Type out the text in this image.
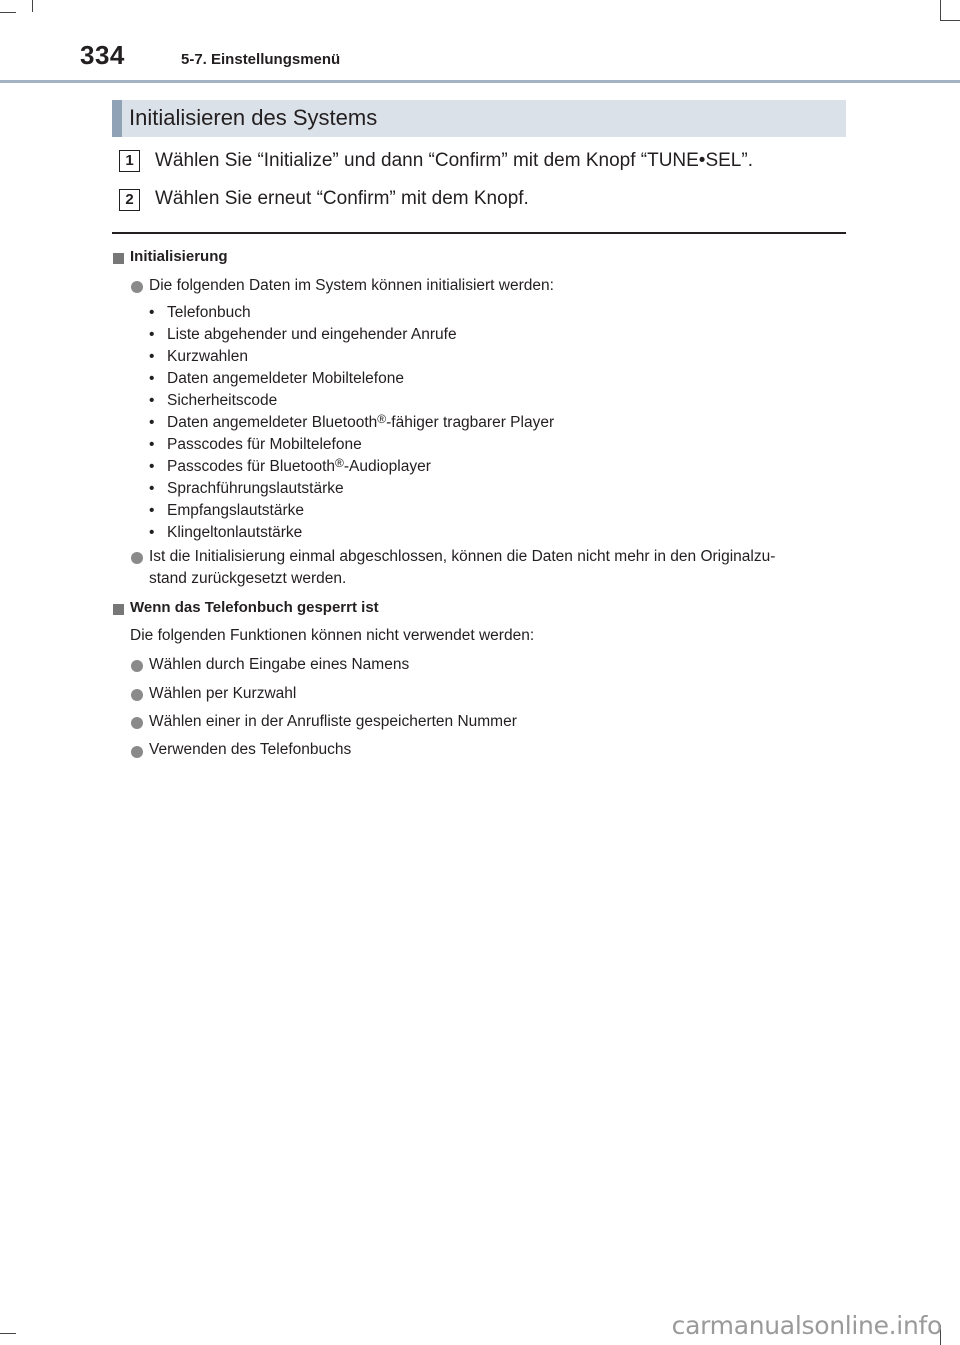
334	5-7. Einstellungsmenü
Initialisieren des Systems
1	Wählen Sie “Initialize” und dann “Confirm” mit dem Knopf “TUNE•SEL”.
2	Wählen Sie erneut “Confirm” mit dem Knopf.
Initialisierung
Die folgenden Daten im System können initialisiert werden:
• Telefonbuch
• Liste abgehender und eingehender Anrufe
• Kurzwahlen
• Daten angemeldeter Mobiltelefone
• Sicherheitscode
• Daten angemeldeter Bluetooth®-fähiger tragbarer Player
• Passcodes für Mobiltelefone
• Passcodes für Bluetooth®-Audioplayer
• Sprachführungslautstärke
• Empfangslautstärke
• Klingeltonlautstärke
Ist die Initialisierung einmal abgeschlossen, können die Daten nicht mehr in den Originalzu-
stand zurückgesetzt werden.
Wenn das Telefonbuch gesperrt ist
Die folgenden Funktionen können nicht verwendet werden:
Wählen durch Eingabe eines Namens
Wählen per Kurzwahl
Wählen einer in der Anrufliste gespeicherten Nummer
Verwenden des Telefonbuchs
carmanualsonline.info
